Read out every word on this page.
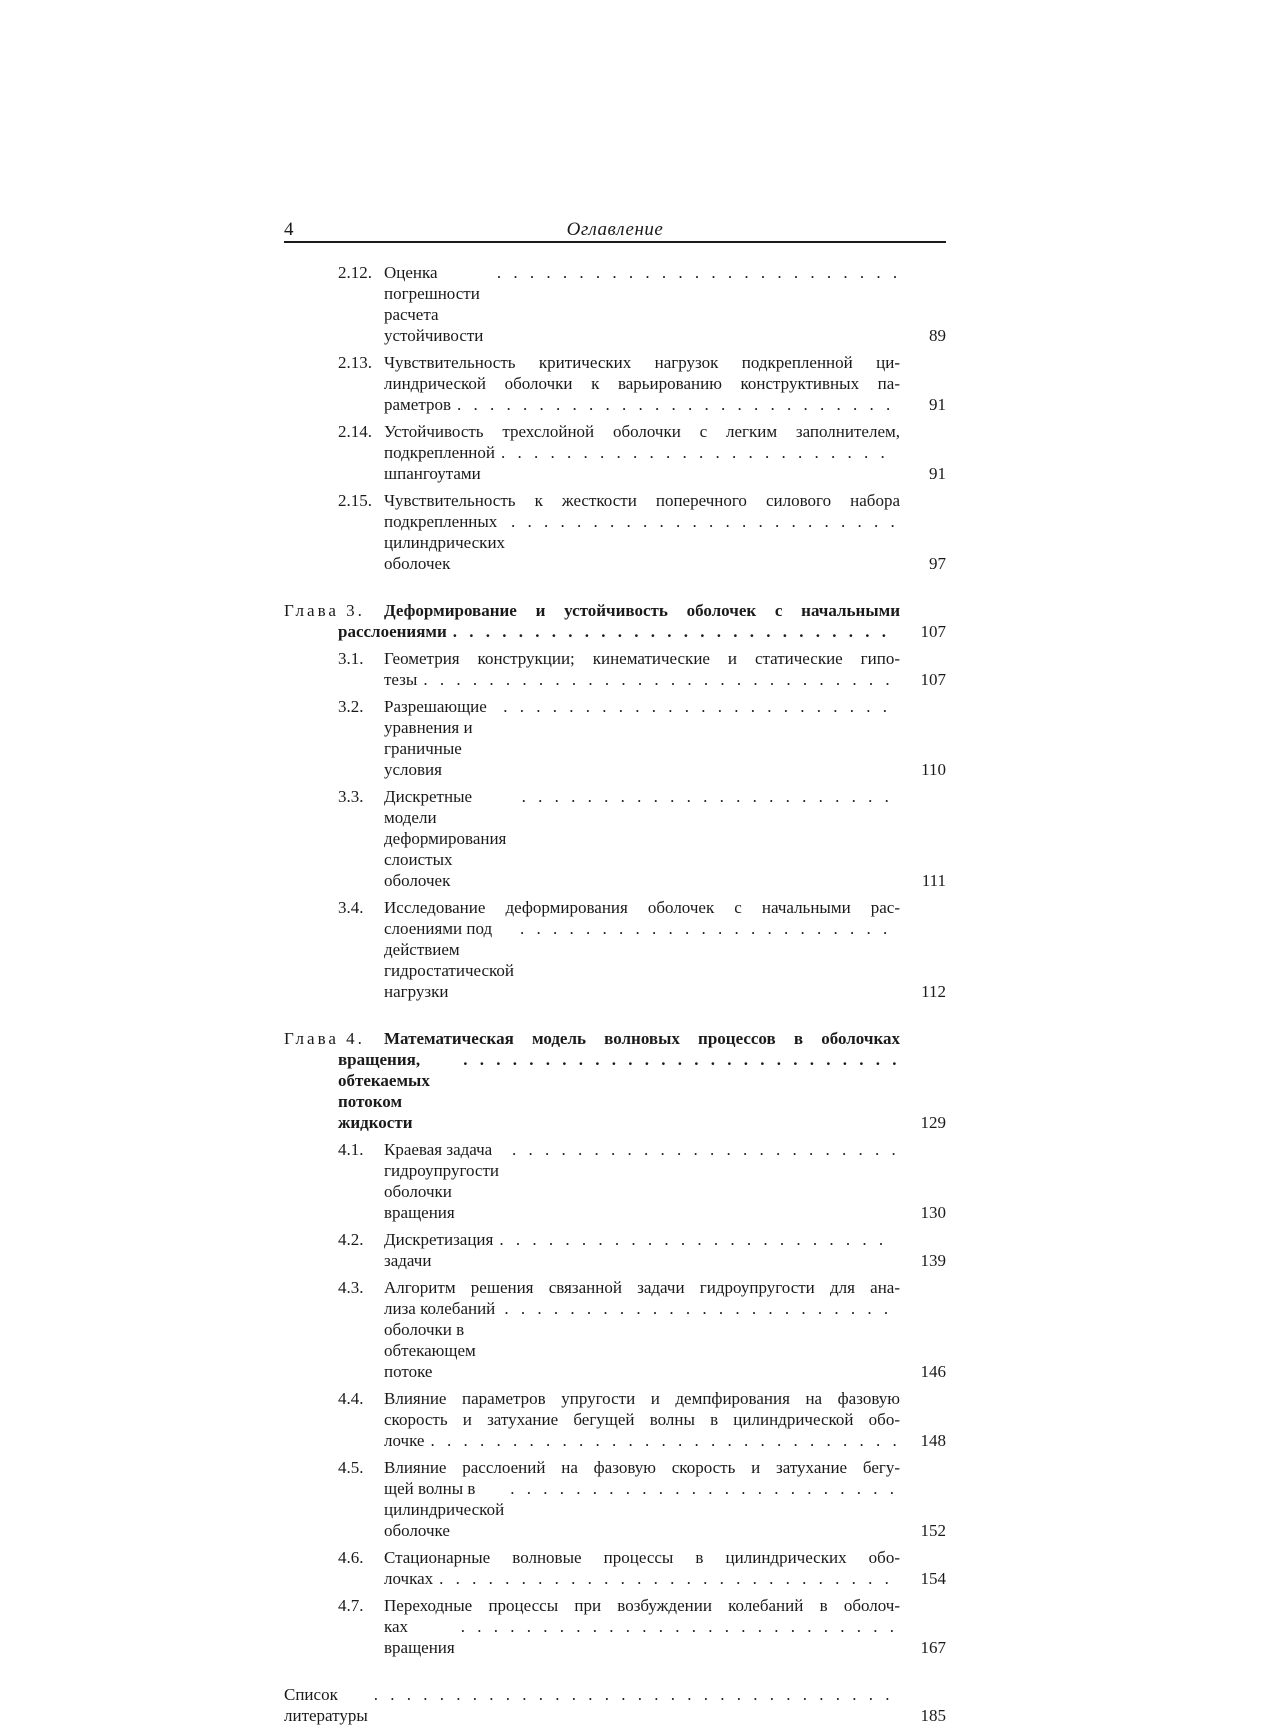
4	Оглавление
2.12. Оценка погрешности расчета устойчивости
. . .	89
2.13. Чувствительность критических нагрузок подкрепленной ци-
линдрической оболочки к варьированию конструктивных па-
раметров . . .	91
2.14. Устойчивость трехслойной оболочки с легким заполнителем,
подкрепленной шпангоутами
. . .	91
2.15. Чувствительность к жесткости поперечного силового набора
подкрепленных цилиндрических оболочек
. . .	97
Глава 3.	Деформирование и устойчивость оболочек с начальными
расслоениями . . .	107
3.1. Геометрия конструкции; кинематические и статические гипо-
тезы . . .	107
3.2. Разрешающие уравнения и граничные условия
. . .	110
3.3. Дискретные модели деформирования слоистых оболочек
. . .	111
3.4. Исследование деформирования оболочек с начальными рас-
слоениями под действием гидростатической нагрузки
. . .	112
Глава 4.	Математическая модель волновых процессов в оболочках
вращения, обтекаемых потоком жидкости
. . .	129
4.1. Краевая задача гидроупругости оболочки вращения
. . .	130
4.2. Дискретизация задачи
. . .	139
4.3. Алгоритм решения связанной задачи гидроупругости для ана-
лиза колебаний оболочки в обтекающем потоке
. . .	146
4.4. Влияние параметров упругости и демпфирования на фазовую
скорость и затухание бегущей волны в цилиндрической обо-
лочке . . .	148
4.5. Влияние расслоений на фазовую скорость и затухание бегу-
щей волны в цилиндрической оболочке
. . .	152
4.6. Стационарные волновые процессы в цилиндрических обо-
лочках . . .	154
4.7. Переходные процессы при возбуждении колебаний в оболоч-
ках вращения
. . .	167
Список литературы
. . .	185
